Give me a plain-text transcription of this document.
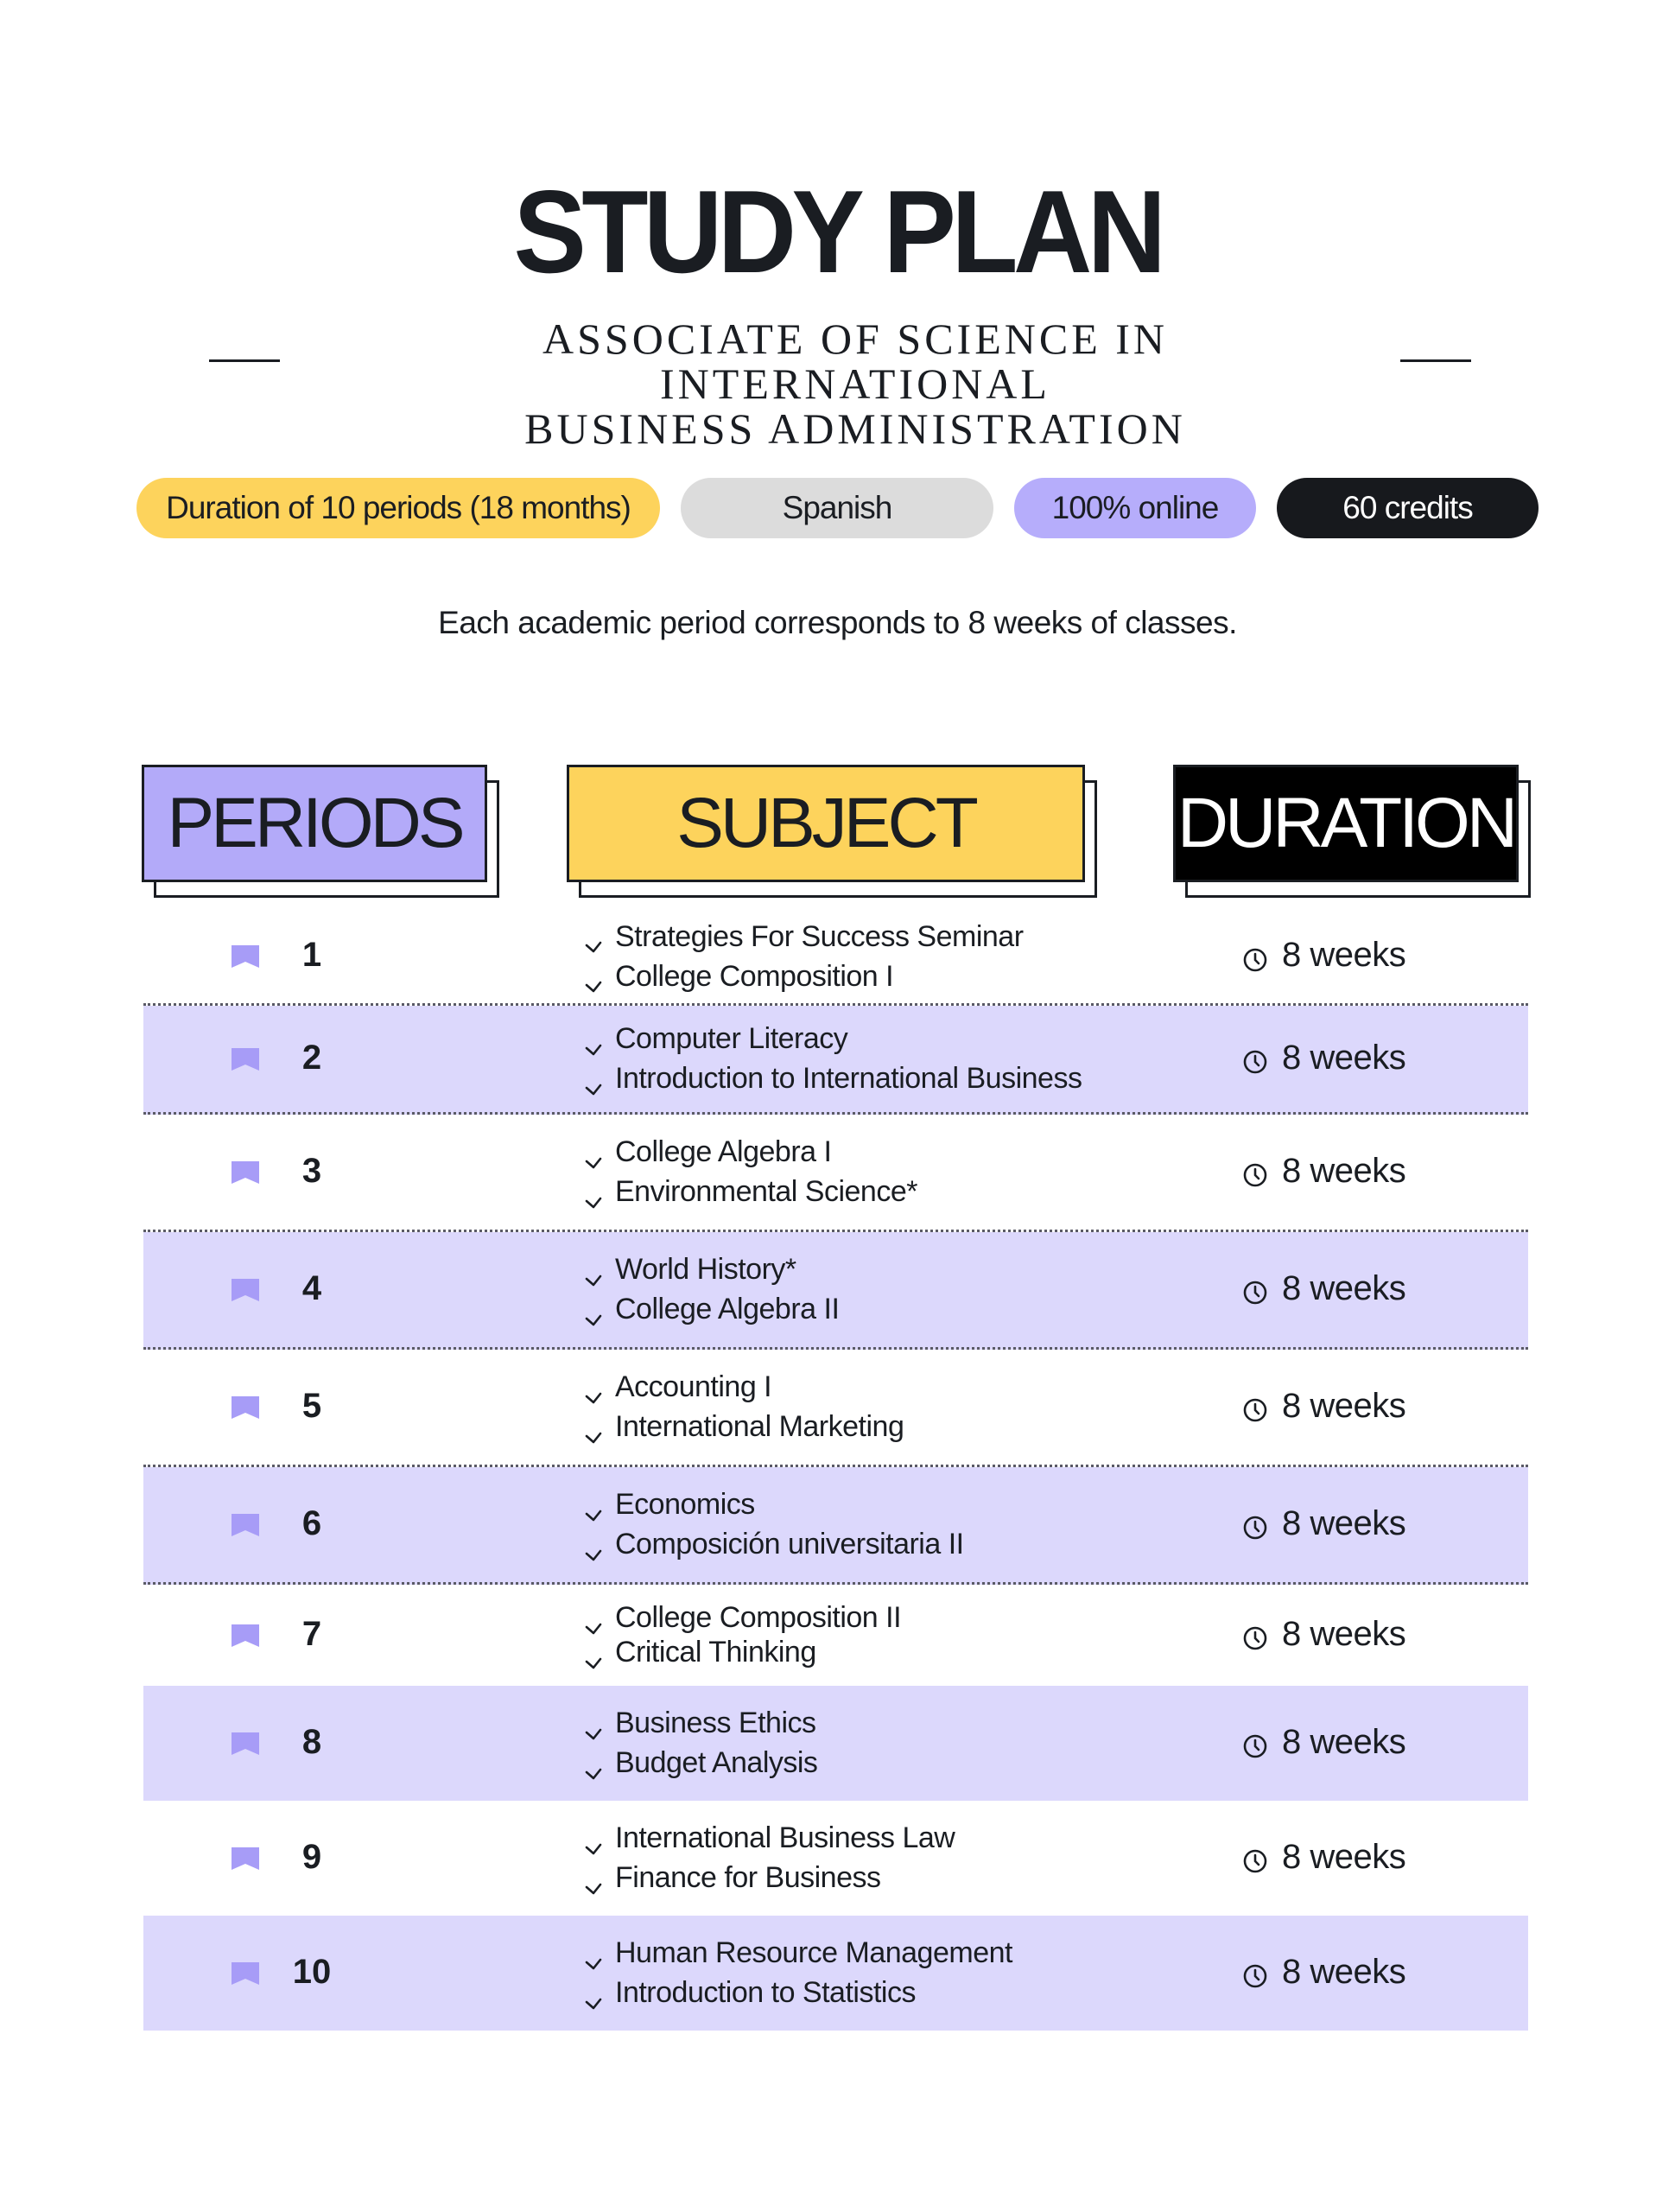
STUDY PLAN
ASSOCIATE OF SCIENCE IN INTERNATIONAL
BUSINESS ADMINISTRATION
Duration of 10 periods (18 months)	Spanish	100% online	60 credits
Each academic period corresponds to 8 weeks of classes.
PERIODS	SUBJECT	DURATION
1	Strategies For Success Seminar
College Composition I
8 weeks
2	Computer Literacy
Introduction to International Business
8 weeks
3	College Algebra I
Environmental Science*
8 weeks
4	World History*
College Algebra II
8 weeks
5	Accounting I
International Marketing
8 weeks
6	Economics
Composición universitaria II
8 weeks
7	College Composition II
Critical Thinking	8 weeks
8	Business Ethics
Budget Analysis
8 weeks
9	International Business Law
Finance for Business
8 weeks
10	Human Resource Management
Introduction to Statistics
8 weeks
